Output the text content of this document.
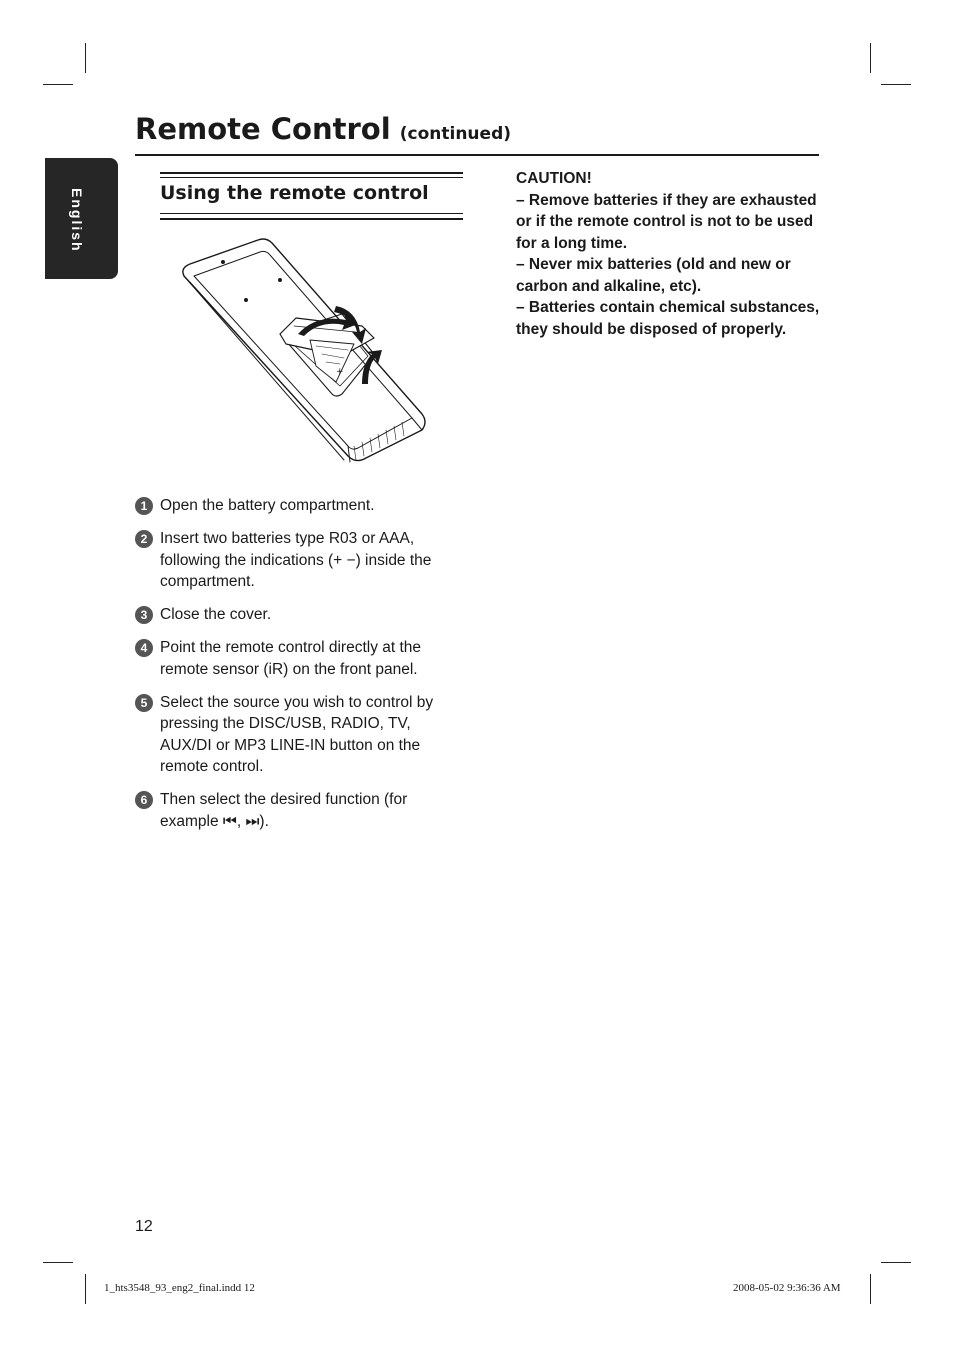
English
Remote Control (continued)
Using the remote control
+
1 Open the battery compartment.
2 Insert two batteries type R03 or AAA, following the indications (+ −) inside the compartment.
3 Close the cover.
4 Point the remote control directly at the remote sensor (iR) on the front panel.
5 Select the source you wish to control by pressing the DISC/USB, RADIO, TV, AUX/DI or MP3 LINE-IN button on the remote control.
6 Then select the desired function (for example ⏮, ⏭).

CAUTION!

– Remove batteries if they are exhausted or if the remote control is not to be used for a long time.

– Never mix batteries (old and new or carbon and alkaline, etc).

– Batteries contain chemical substances, they should be disposed of properly.

12
1_hts3548_93_eng2_final.indd 12	2008-05-02 9:36:36 AM
